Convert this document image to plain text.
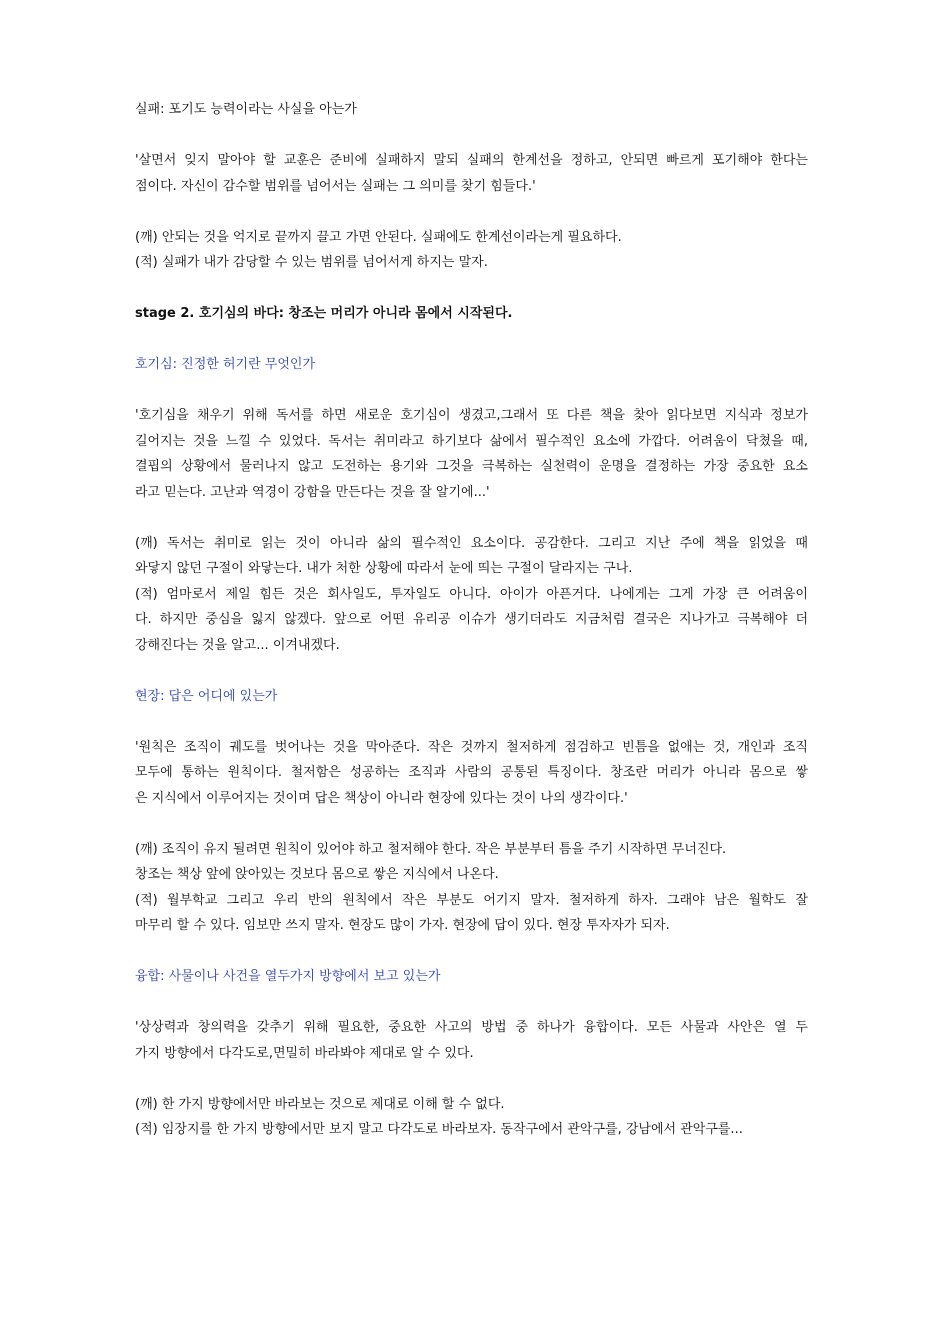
실패: 포기도 능력이라는 사실을 아는가
'살면서 잊지 말아야 할 교훈은 준비에 실패하지 말되 실패의 한계선을 정하고, 안되면 빠르게 포기해야 한다는
점이다. 자신이 감수할 범위를 넘어서는 실패는 그 의미를 찾기 힘들다.'
(깨) 안되는 것을 억지로 끝까지 끌고 가면 안된다. 실패에도 한계선이라는게 필요하다.
(적) 실패가 내가 감당할 수 있는 범위를 넘어서게 하지는 말자.
stage 2. 호기심의 바다: 창조는 머리가 아니라 몸에서 시작된다.
호기심: 진정한 허기란 무엇인가
'호기심을 채우기 위해 독서를 하면 새로운 호기심이 생겼고,그래서 또 다른 책을 찾아 읽다보면 지식과 정보가
길어지는 것을 느낄 수 있었다. 독서는 취미라고 하기보다 삶에서 필수적인 요소에 가깝다. 어려움이 닥쳤을 때,
결핍의 상황에서 물러나지 않고 도전하는 용기와 그것을 극복하는 실천력이 운명을 결정하는 가장 중요한 요소
라고 믿는다. 고난과 역경이 강함을 만든다는 것을 잘 알기에...'
(깨) 독서는 취미로 읽는 것이 아니라 삶의 필수적인 요소이다. 공감한다. 그리고 지난 주에 책을 읽었을 때
와닿지 않던 구절이 와닿는다. 내가 처한 상황에 따라서 눈에 띄는 구절이 달라지는 구나.
(적) 엄마로서 제일 힘든 것은 회사일도, 투자일도 아니다. 아이가 아픈거다. 나에게는 그게 가장 큰 어려움이
다. 하지만 중심을 잃지 않겠다. 앞으로 어떤 유리공 이슈가 생기더라도 지금처럼 결국은 지나가고 극복해야 더
강해진다는 것을 알고... 이겨내겠다.
현장: 답은 어디에 있는가
'원칙은 조직이 궤도를 벗어나는 것을 막아준다. 작은 것까지 철저하게 점검하고 빈틈을 없애는 것, 개인과 조직
모두에 통하는 원칙이다. 철저함은 성공하는 조직과 사람의 공통된 특징이다. 창조란 머리가 아니라 몸으로 쌓
은 지식에서 이루어지는 것이며 답은 책상이 아니라 현장에 있다는 것이 나의 생각이다.'
(깨) 조직이 유지 될려면 원칙이 있어야 하고 철저해야 한다. 작은 부분부터 틈을 주기 시작하면 무너진다.
창조는 책상 앞에 앉아있는 것보다 몸으로 쌓은 지식에서 나온다.
(적) 월부학교 그리고 우리 반의 원칙에서 작은 부분도 어기지 말자. 철저하게 하자. 그래야 남은 월학도 잘
마무리 할 수 있다. 임보만 쓰지 말자. 현장도 많이 가자. 현장에 답이 있다. 현장 투자자가 되자.
융합: 사물이나 사건을 열두가지 방향에서 보고 있는가
'상상력과 창의력을 갖추기 위해 필요한, 중요한 사고의 방법 중 하나가 융합이다. 모든 사물과 사안은 열 두
가지 방향에서 다각도로,면밀히 바라봐야 제대로 알 수 있다.
(깨) 한 가지 방향에서만 바라보는 것으로 제대로 이해 할 수 없다.
(적) 임장지를 한 가지 방향에서만 보지 말고 다각도로 바라보자. 동작구에서 관악구를, 강남에서 관악구를...
